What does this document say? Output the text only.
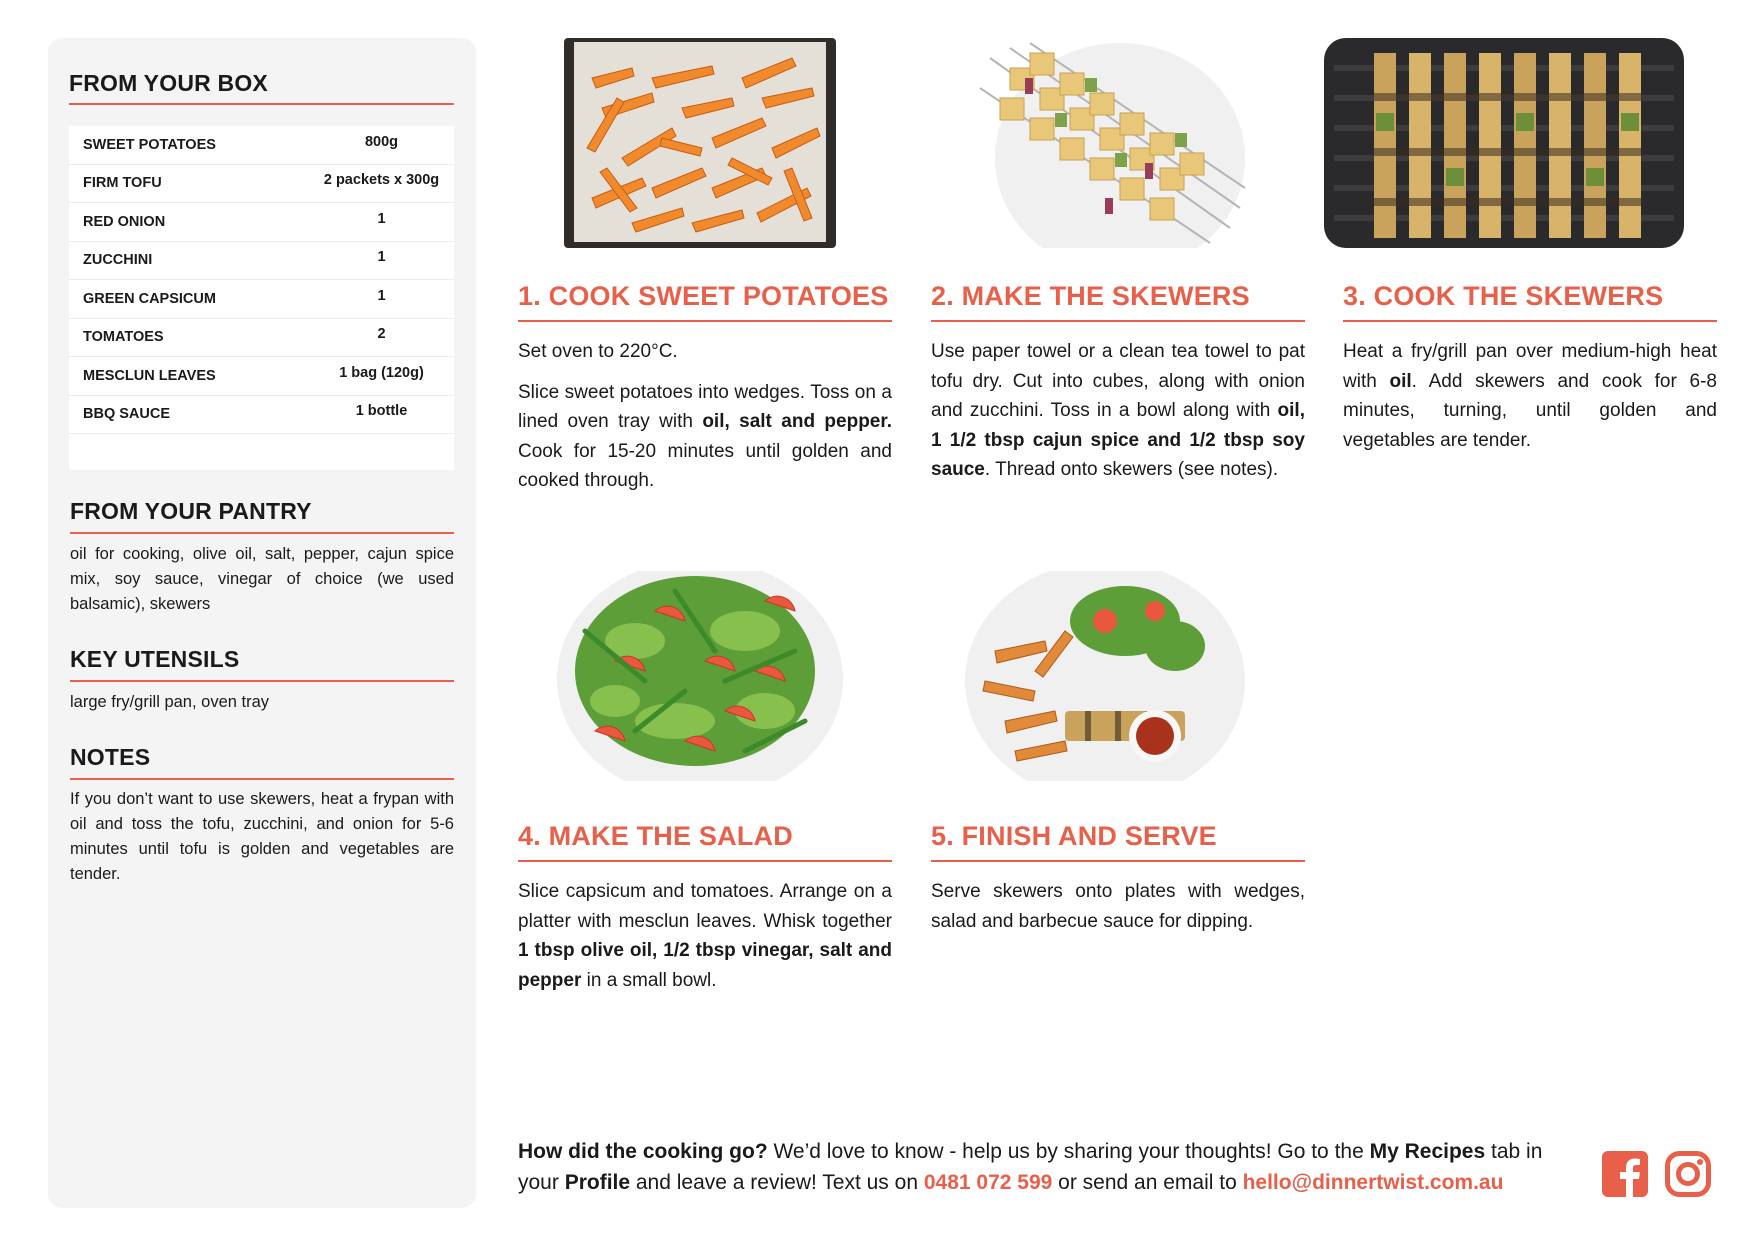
FROM YOUR BOX
SWEET POTATOES	800g
FIRM TOFU	2 packets x 300g
RED ONION	1
ZUCCHINI	1
GREEN CAPSICUM	1
TOMATOES	2
MESCLUN LEAVES	1 bag (120g)
BBQ SAUCE	1 bottle
FROM YOUR PANTRY
oil for cooking, olive oil, salt, pepper, cajun spice mix, soy sauce, vinegar of choice (we used balsamic), skewers
KEY UTENSILS
large fry/grill pan, oven tray
NOTES
If you don’t want to use skewers, heat a frypan with oil and toss the tofu, zucchini, and onion for 5-6 minutes until tofu is golden and vegetables are tender.
1. COOK SWEET POTATOES

Set oven to 220°C.

Slice sweet potatoes into wedges. Toss on a lined oven tray with oil, salt and pepper. Cook for 15-20 minutes until golden and cooked through.

2. MAKE THE SKEWERS

Use paper towel or a clean tea towel to pat tofu dry. Cut into cubes, along with onion and zucchini. Toss in a bowl along with oil, 1 1/2 tbsp cajun spice and 1/2 tbsp soy sauce. Thread onto skewers (see notes).

3. COOK THE SKEWERS

Heat a fry/grill pan over medium-high heat with oil. Add skewers and cook for 6-8 minutes, turning, until golden and vegetables are tender.

4. MAKE THE SALAD

Slice capsicum and tomatoes. Arrange on a platter with mesclun leaves. Whisk together 1 tbsp olive oil, 1/2 tbsp vinegar, salt and pepper in a small bowl.

5. FINISH AND SERVE

Serve skewers onto plates with wedges, salad and barbecue sauce for dipping.

How did the cooking go? We’d love to know - help us by sharing your thoughts! Go to the My Recipes tab in your Profile and leave a review! Text us on 0481 072 599 or send an email to hello@dinnertwist.com.au
